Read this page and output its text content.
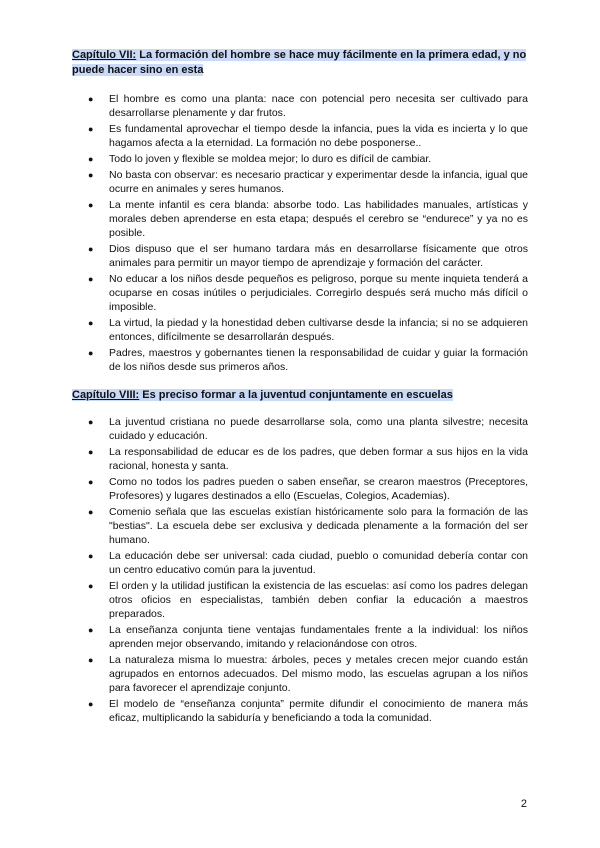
Capítulo VII: La formación del hombre se hace muy fácilmente en la primera edad, y no puede hacer sino en esta
● El hombre es como una planta: nace con potencial pero necesita ser cultivado para desarrollarse plenamente y dar frutos.
● Es fundamental aprovechar el tiempo desde la infancia, pues la vida es incierta y lo que hagamos afecta a la eternidad. La formación no debe posponerse..
● Todo lo joven y flexible se moldea mejor; lo duro es difícil de cambiar.
● No basta con observar: es necesario practicar y experimentar desde la infancia, igual que ocurre en animales y seres humanos.
● La mente infantil es cera blanda: absorbe todo. Las habilidades manuales, artísticas y morales deben aprenderse en esta etapa; después el cerebro se “endurece” y ya no es posible.
● Dios dispuso que el ser humano tardara más en desarrollarse físicamente que otros animales para permitir un mayor tiempo de aprendizaje y formación del carácter.
● No educar a los niños desde pequeños es peligroso, porque su mente inquieta tenderá a ocuparse en cosas inútiles o perjudiciales. Corregirlo después será mucho más difícil o imposible.
● La virtud, la piedad y la honestidad deben cultivarse desde la infancia; si no se adquieren entonces, difícilmente se desarrollarán después.
● Padres, maestros y gobernantes tienen la responsabilidad de cuidar y guiar la formación de los niños desde sus primeros años.
Capítulo VIII: Es preciso formar a la juventud conjuntamente en escuelas
● La juventud cristiana no puede desarrollarse sola, como una planta silvestre; necesita cuidado y educación.
● La responsabilidad de educar es de los padres, que deben formar a sus hijos en la vida racional, honesta y santa.
● Como no todos los padres pueden o saben enseñar, se crearon maestros (Preceptores, Profesores) y lugares destinados a ello (Escuelas, Colegios, Academias).
● Comenio señala que las escuelas existían históricamente solo para la formación de las "bestias". La escuela debe ser exclusiva y dedicada plenamente a la formación del ser humano.
● La educación debe ser universal: cada ciudad, pueblo o comunidad debería contar con un centro educativo común para la juventud.
● El orden y la utilidad justifican la existencia de las escuelas: así como los padres delegan otros oficios en especialistas, también deben confiar la educación a maestros preparados.
● La enseñanza conjunta tiene ventajas fundamentales frente a la individual: los niños aprenden mejor observando, imitando y relacionándose con otros.
● La naturaleza misma lo muestra: árboles, peces y metales crecen mejor cuando están agrupados en entornos adecuados. Del mismo modo, las escuelas agrupan a los niños para favorecer el aprendizaje conjunto.
● El modelo de “enseñanza conjunta” permite difundir el conocimiento de manera más eficaz, multiplicando la sabiduría y beneficiando a toda la comunidad.
2
